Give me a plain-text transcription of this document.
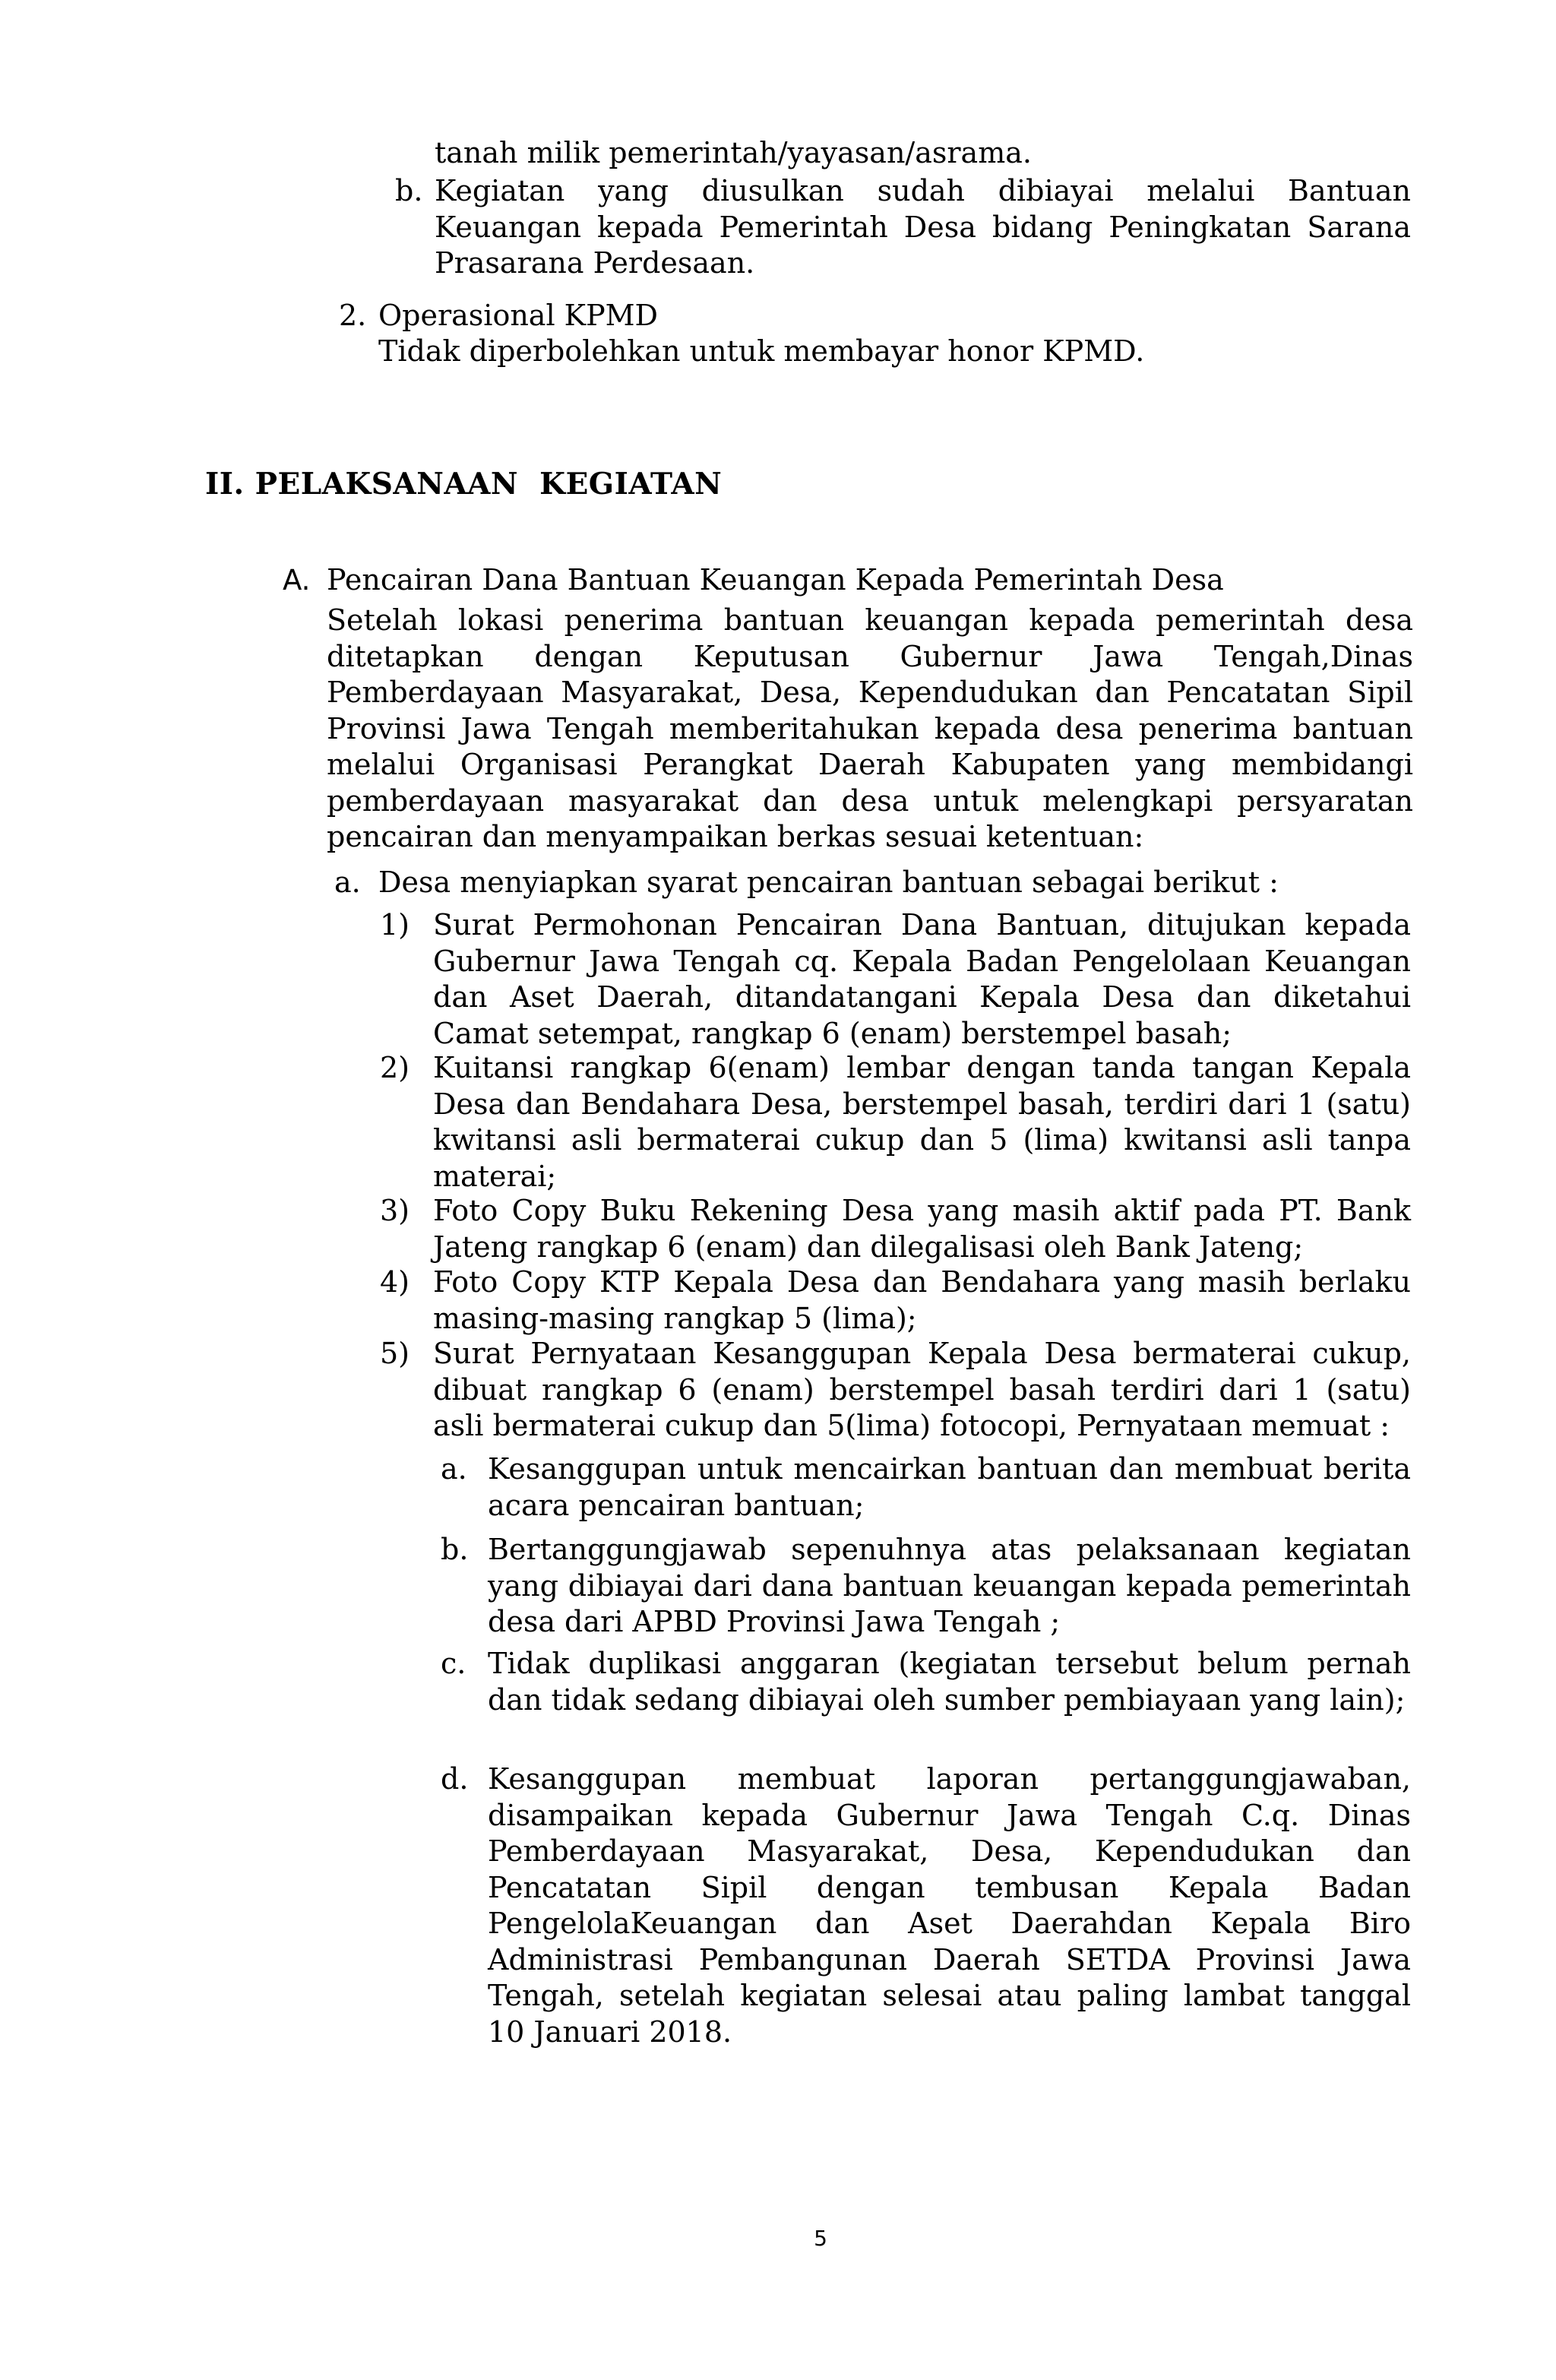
tanah milik pemerintah/yayasan/asrama.
b. Kegiatan yang diusulkan sudah dibiayai melalui Bantuan Keuangan kepada Pemerintah Desa bidang Peningkatan Sarana Prasarana Perdesaan.
2. Operasional KPMD
Tidak diperbolehkan untuk membayar honor KPMD.
II. PELAKSANAAN  KEGIATAN
A. Pencairan Dana Bantuan Keuangan Kepada Pemerintah Desa
Setelah lokasi penerima bantuan keuangan kepada pemerintah desa ditetapkan dengan Keputusan Gubernur Jawa Tengah,Dinas Pemberdayaan Masyarakat, Desa, Kependudukan dan Pencatatan Sipil Provinsi Jawa Tengah memberitahukan kepada desa penerima bantuan melalui Organisasi Perangkat Daerah Kabupaten yang membidangi pemberdayaan masyarakat dan desa untuk melengkapi persyaratan pencairan dan menyampaikan berkas sesuai ketentuan:
a. Desa menyiapkan syarat pencairan bantuan sebagai berikut :
1) Surat Permohonan Pencairan Dana Bantuan, ditujukan kepada Gubernur Jawa Tengah cq. Kepala Badan Pengelolaan Keuangan dan Aset Daerah, ditandatangani Kepala Desa dan diketahui Camat setempat, rangkap 6 (enam) berstempel basah;
2) Kuitansi rangkap 6(enam) lembar dengan tanda tangan Kepala Desa dan Bendahara Desa, berstempel basah, terdiri dari 1 (satu) kwitansi asli bermaterai cukup dan 5 (lima) kwitansi asli tanpa materai;
3) Foto Copy Buku Rekening Desa yang masih aktif pada PT. Bank Jateng rangkap 6 (enam) dan dilegalisasi oleh Bank Jateng;
4) Foto Copy KTP Kepala Desa dan Bendahara yang masih berlaku masing-masing rangkap 5 (lima);
5) Surat Pernyataan Kesanggupan Kepala Desa bermaterai cukup, dibuat rangkap 6 (enam) berstempel basah terdiri dari 1 (satu) asli bermaterai cukup dan 5(lima) fotocopi, Pernyataan memuat :
a. Kesanggupan untuk mencairkan bantuan dan membuat berita acara pencairan bantuan;
b. Bertanggungjawab sepenuhnya atas pelaksanaan kegiatan yang dibiayai dari dana bantuan keuangan kepada pemerintah desa dari APBD Provinsi Jawa Tengah ;
c. Tidak duplikasi anggaran (kegiatan tersebut belum pernah dan tidak sedang dibiayai oleh sumber pembiayaan yang lain);
d. Kesanggupan membuat laporan pertanggungjawaban, disampaikan kepada Gubernur Jawa Tengah C.q. Dinas Pemberdayaan Masyarakat, Desa, Kependudukan dan Pencatatan Sipil dengan tembusan Kepala Badan PengelolaKeuangan dan Aset Daerahdan Kepala Biro Administrasi Pembangunan Daerah SETDA Provinsi Jawa Tengah, setelah kegiatan selesai atau paling lambat tanggal 10 Januari 2018.
5
